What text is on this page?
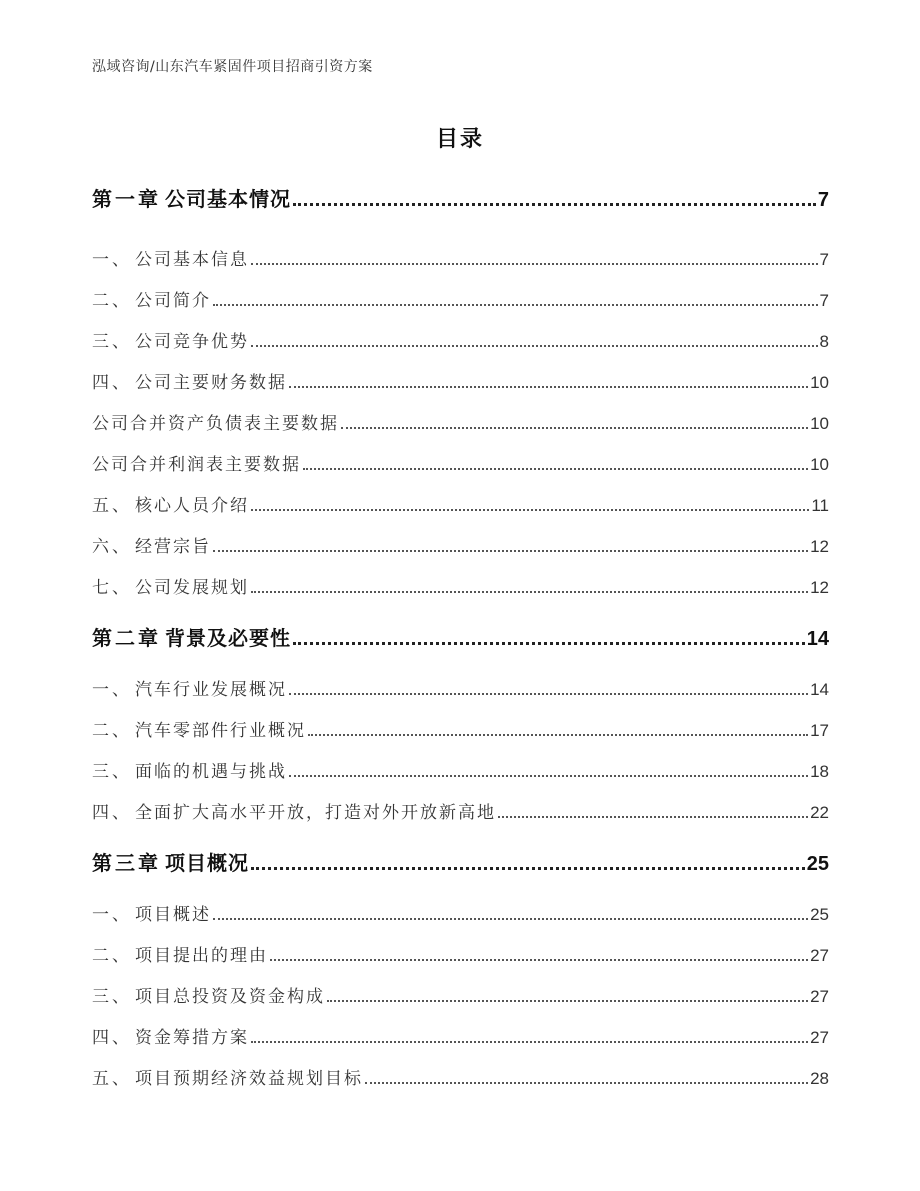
泓域咨询/山东汽车紧固件项目招商引资方案
目录
第一章 公司基本情况	7
一、 公司基本信息	7
二、 公司简介	7
三、 公司竞争优势	8
四、 公司主要财务数据	10
公司合并资产负债表主要数据	10
公司合并利润表主要数据	10
五、 核心人员介绍	11
六、 经营宗旨	12
七、 公司发展规划	12
第二章 背景及必要性	14
一、 汽车行业发展概况	14
二、 汽车零部件行业概况	17
三、 面临的机遇与挑战	18
四、 全面扩大高水平开放，打造对外开放新高地	22
第三章 项目概况	25
一、 项目概述	25
二、 项目提出的理由	27
三、 项目总投资及资金构成	27
四、 资金筹措方案	27
五、 项目预期经济效益规划目标	28
